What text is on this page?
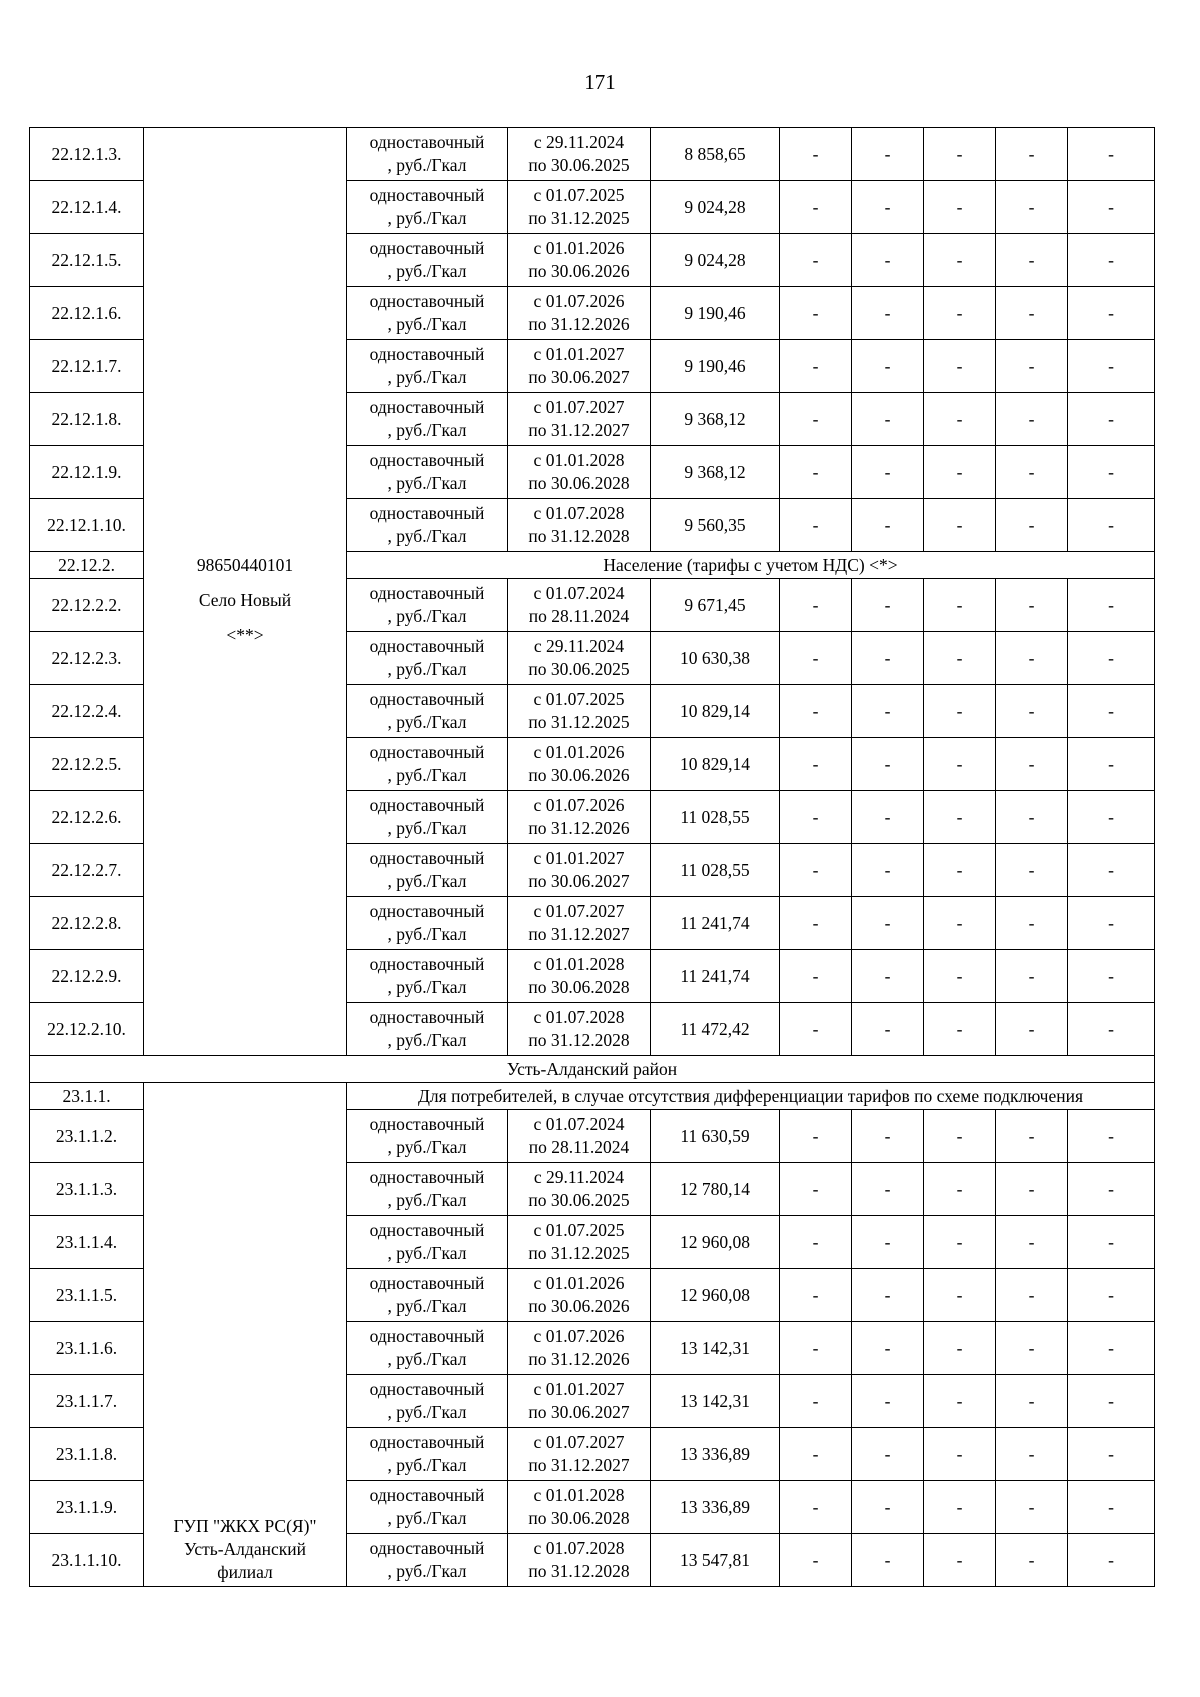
171
22.12.1.3.	98650440101
Село Новый
<**>	одноставочный
, руб./Гкал	с 29.11.2024
по 30.06.2025	8 858,65	-	-	-	-	-

22.12.1.4.		одноставочный
, руб./Гкал	с 01.07.2025
по 31.12.2025	9 024,28	-	-	-	-	-

22.12.1.5.		одноставочный
, руб./Гкал	с 01.01.2026
по 30.06.2026	9 024,28	-	-	-	-	-

22.12.1.6.		одноставочный
, руб./Гкал	с 01.07.2026
по 31.12.2026	9 190,46	-	-	-	-	-

22.12.1.7.		одноставочный
, руб./Гкал	с 01.01.2027
по 30.06.2027	9 190,46	-	-	-	-	-

22.12.1.8.		одноставочный
, руб./Гкал	с 01.07.2027
по 31.12.2027	9 368,12	-	-	-	-	-

22.12.1.9.		одноставочный
, руб./Гкал	с 01.01.2028
по 30.06.2028	9 368,12	-	-	-	-	-

22.12.1.10.		одноставочный
, руб./Гкал	с 01.07.2028
по 31.12.2028	9 560,35	-	-	-	-	-

22.12.2.		Население (тарифы с учетом НДС) <*>							

22.12.2.2.		одноставочный
, руб./Гкал	с 01.07.2024
по 28.11.2024	9 671,45	-	-	-	-	-

22.12.2.3.		одноставочный
, руб./Гкал	с 29.11.2024
по 30.06.2025	10 630,38	-	-	-	-	-

22.12.2.4.		одноставочный
, руб./Гкал	с 01.07.2025
по 31.12.2025	10 829,14	-	-	-	-	-

22.12.2.5.		одноставочный
, руб./Гкал	с 01.01.2026
по 30.06.2026	10 829,14	-	-	-	-	-

22.12.2.6.		одноставочный
, руб./Гкал	с 01.07.2026
по 31.12.2026	11 028,55	-	-	-	-	-

22.12.2.7.		одноставочный
, руб./Гкал	с 01.01.2027
по 30.06.2027	11 028,55	-	-	-	-	-

22.12.2.8.		одноставочный
, руб./Гкал	с 01.07.2027
по 31.12.2027	11 241,74	-	-	-	-	-

22.12.2.9.		одноставочный
, руб./Гкал	с 01.01.2028
по 30.06.2028	11 241,74	-	-	-	-	-

22.12.2.10.		одноставочный
, руб./Гкал	с 01.07.2028
по 31.12.2028	11 472,42	-	-	-	-	-

Усть-Алданский район									

23.1.1.	ГУП "ЖКХ РС(Я)"
Усть-Алданский
филиал	Для потребителей, в случае отсутствия дифференциации тарифов по схеме подключения							

23.1.1.2.		одноставочный
, руб./Гкал	с 01.07.2024
по 28.11.2024	11 630,59	-	-	-	-	-

23.1.1.3.		одноставочный
, руб./Гкал	с 29.11.2024
по 30.06.2025	12 780,14	-	-	-	-	-

23.1.1.4.		одноставочный
, руб./Гкал	с 01.07.2025
по 31.12.2025	12 960,08	-	-	-	-	-

23.1.1.5.		одноставочный
, руб./Гкал	с 01.01.2026
по 30.06.2026	12 960,08	-	-	-	-	-

23.1.1.6.		одноставочный
, руб./Гкал	с 01.07.2026
по 31.12.2026	13 142,31	-	-	-	-	-

23.1.1.7.		одноставочный
, руб./Гкал	с 01.01.2027
по 30.06.2027	13 142,31	-	-	-	-	-

23.1.1.8.		одноставочный
, руб./Гкал	с 01.07.2027
по 31.12.2027	13 336,89	-	-	-	-	-

23.1.1.9.		одноставочный
, руб./Гкал	с 01.01.2028
по 30.06.2028	13 336,89	-	-	-	-	-

23.1.1.10.		одноставочный
, руб./Гкал	с 01.07.2028
по 31.12.2028	13 547,81	-	-	-	-	-
